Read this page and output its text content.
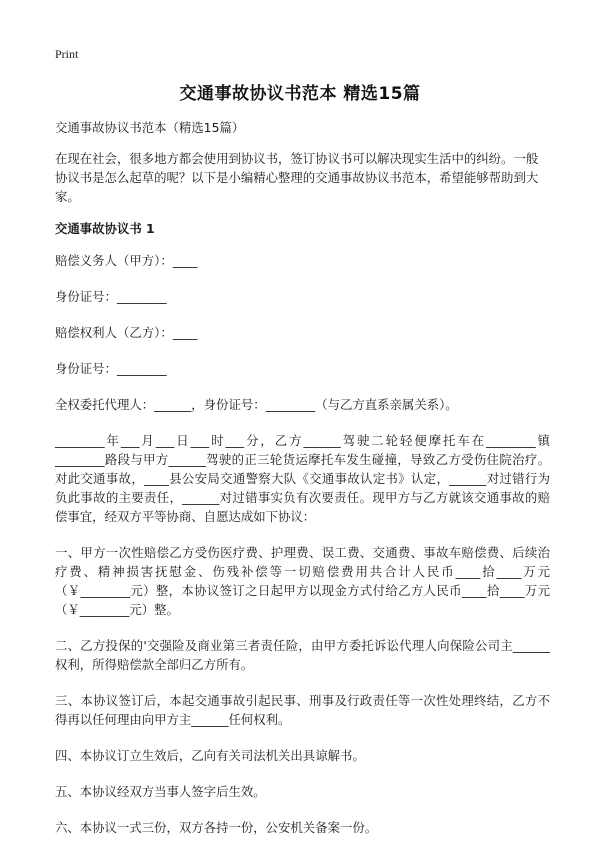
Print
交通事故协议书范本 精选15篇

交通事故协议书范本（精选15篇）

在现在社会，很多地方都会使用到协议书，签订协议书可以解决现实生活中的纠纷。一般协议书是怎么起草的呢？以下是小编精心整理的交通事故协议书范本，希望能够帮助到大家。

交通事故协议书 1

赔偿义务人（甲方）：____

身份证号：________

赔偿权利人（乙方）：____

身份证号：________

全权委托代理人：______，身份证号：________（与乙方直系亲属关系）。

________年___月___日___时___分，乙方______驾驶二轮轻便摩托车在________镇________路段与甲方______驾驶的正三轮货运摩托车发生碰撞，导致乙方受伤住院治疗。对此交通事故，____县公安局交通警察大队《交通事故认定书》认定，______对过错行为负此事故的主要责任，______对过错事实负有次要责任。现甲方与乙方就该交通事故的赔偿事宜，经双方平等协商、自愿达成如下协议：

一、甲方一次性赔偿乙方受伤医疗费、护理费、误工费、交通费、事故车赔偿费、后续治疗费、精神损害抚慰金、伤残补偿等一切赔偿费用共合计人民币____拾____万元（￥________元）整，本协议签订之日起甲方以现金方式付给乙方人民币____拾____万元（￥________元）整。

二、乙方投保的'交强险及商业第三者责任险，由甲方委托诉讼代理人向保险公司主______权利，所得赔偿款全部归乙方所有。

三、本协议签订后，本起交通事故引起民事、刑事及行政责任等一次性处理终结，乙方不得再以任何理由向甲方主______任何权利。

四、本协议订立生效后，乙向有关司法机关出具谅解书。

五、本协议经双方当事人签字后生效。

六、本协议一式三份，双方各持一份，公安机关备案一份。
